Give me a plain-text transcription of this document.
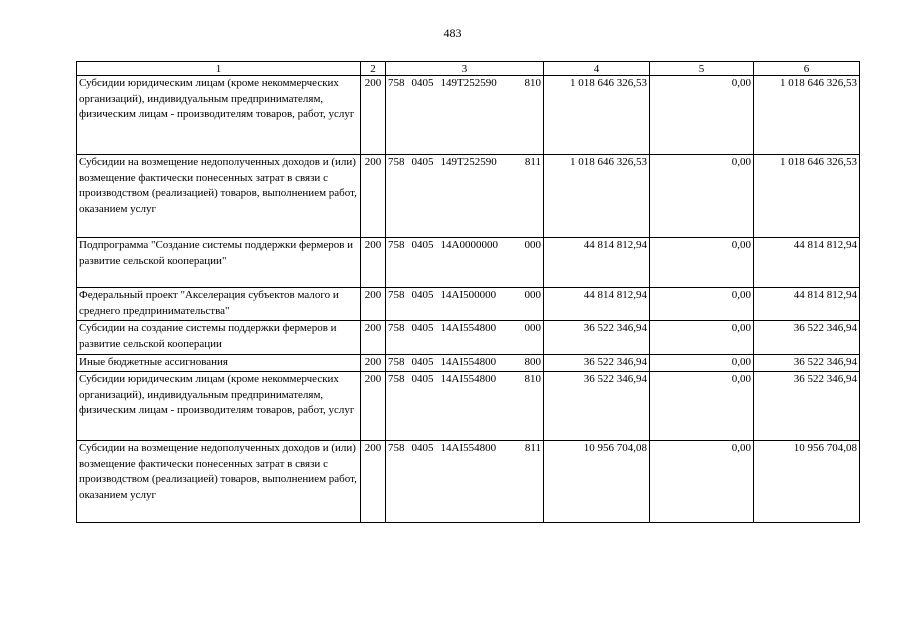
483
1	2	3	4	5	6
Субсидии юридическим лицам (кроме некоммерческих организаций), индивидуальным предпринимателям, физическим лицам - производителям товаров, работ, услуг	200	758 0405 149T252590 810	1 018 646 326,53	0,00	1 018 646 326,53
Субсидии на возмещение недополученных доходов и (или) возмещение фактически понесенных затрат в связи с производством (реализацией) товаров, выполнением работ, оказанием услуг	200	758 0405 149T252590 811	1 018 646 326,53	0,00	1 018 646 326,53
Подпрограмма "Создание системы поддержки фермеров и развитие сельской кооперации"	200	758 0405 14А0000000 000	44 814 812,94	0,00	44 814 812,94
Федеральный проект "Акселерация субъектов малого и среднего предпринимательства"	200	758 0405 14АI500000 000	44 814 812,94	0,00	44 814 812,94
Субсидии на создание системы поддержки фермеров и развитие сельской кооперации	200	758 0405 14АI554800 000	36 522 346,94	0,00	36 522 346,94
Иные бюджетные ассигнования	200	758 0405 14АI554800 800	36 522 346,94	0,00	36 522 346,94
Субсидии юридическим лицам (кроме некоммерческих организаций), индивидуальным предпринимателям, физическим лицам - производителям товаров, работ, услуг	200	758 0405 14АI554800 810	36 522 346,94	0,00	36 522 346,94
Субсидии на возмещение недополученных доходов и (или) возмещение фактически понесенных затрат в связи с производством (реализацией) товаров, выполнением работ, оказанием услуг	200	758 0405 14АI554800 811	10 956 704,08	0,00	10 956 704,08
